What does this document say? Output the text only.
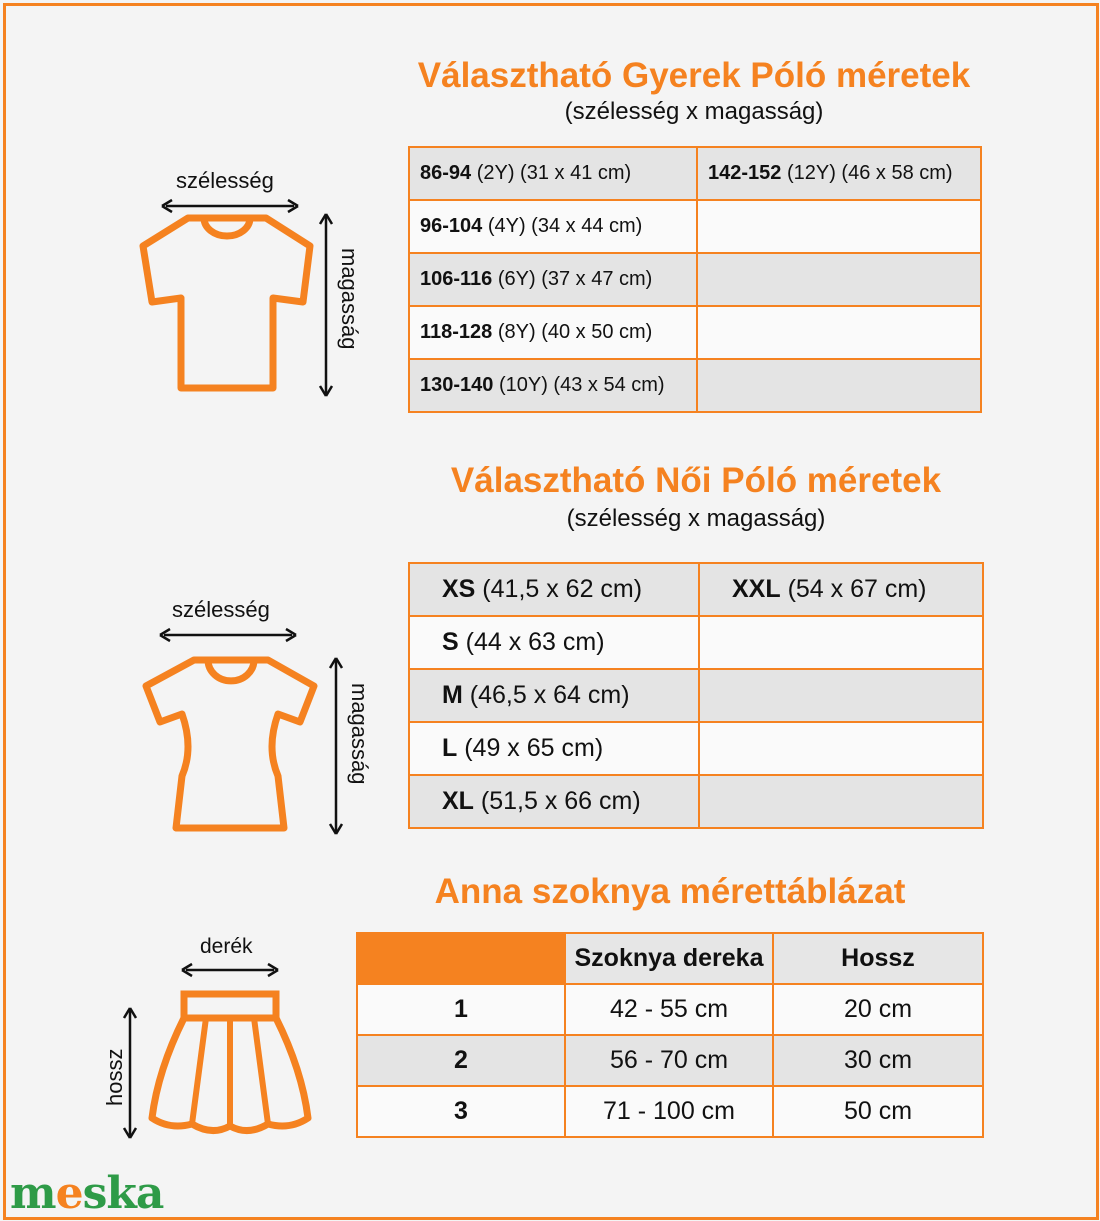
Választható Gyerek Póló méretek
(szélesség x magasság)
szélesség
magasság
86-94 (2Y) (31 x 41 cm)	142-152 (12Y) (46 x 58 cm)
96-104 (4Y) (34 x 44 cm)	
106-116 (6Y) (37 x 47 cm)	
118-128 (8Y) (40 x 50 cm)	
130-140 (10Y) (43 x 54 cm)	
Választható Női Póló méretek
(szélesség x magasság)
szélesség
magasság
XS (41,5 x 62 cm)	XXL (54 x 67 cm)
S (44 x 63 cm)	
M (46,5 x 64 cm)	
L (49 x 65 cm)	
XL (51,5 x 66 cm)	
Anna szoknya mérettáblázat
derék
hossz
	Szoknya dereka	Hossz
1	42 - 55 cm	20 cm
2	56 - 70 cm	30 cm
3	71 - 100 cm	50 cm
meska
